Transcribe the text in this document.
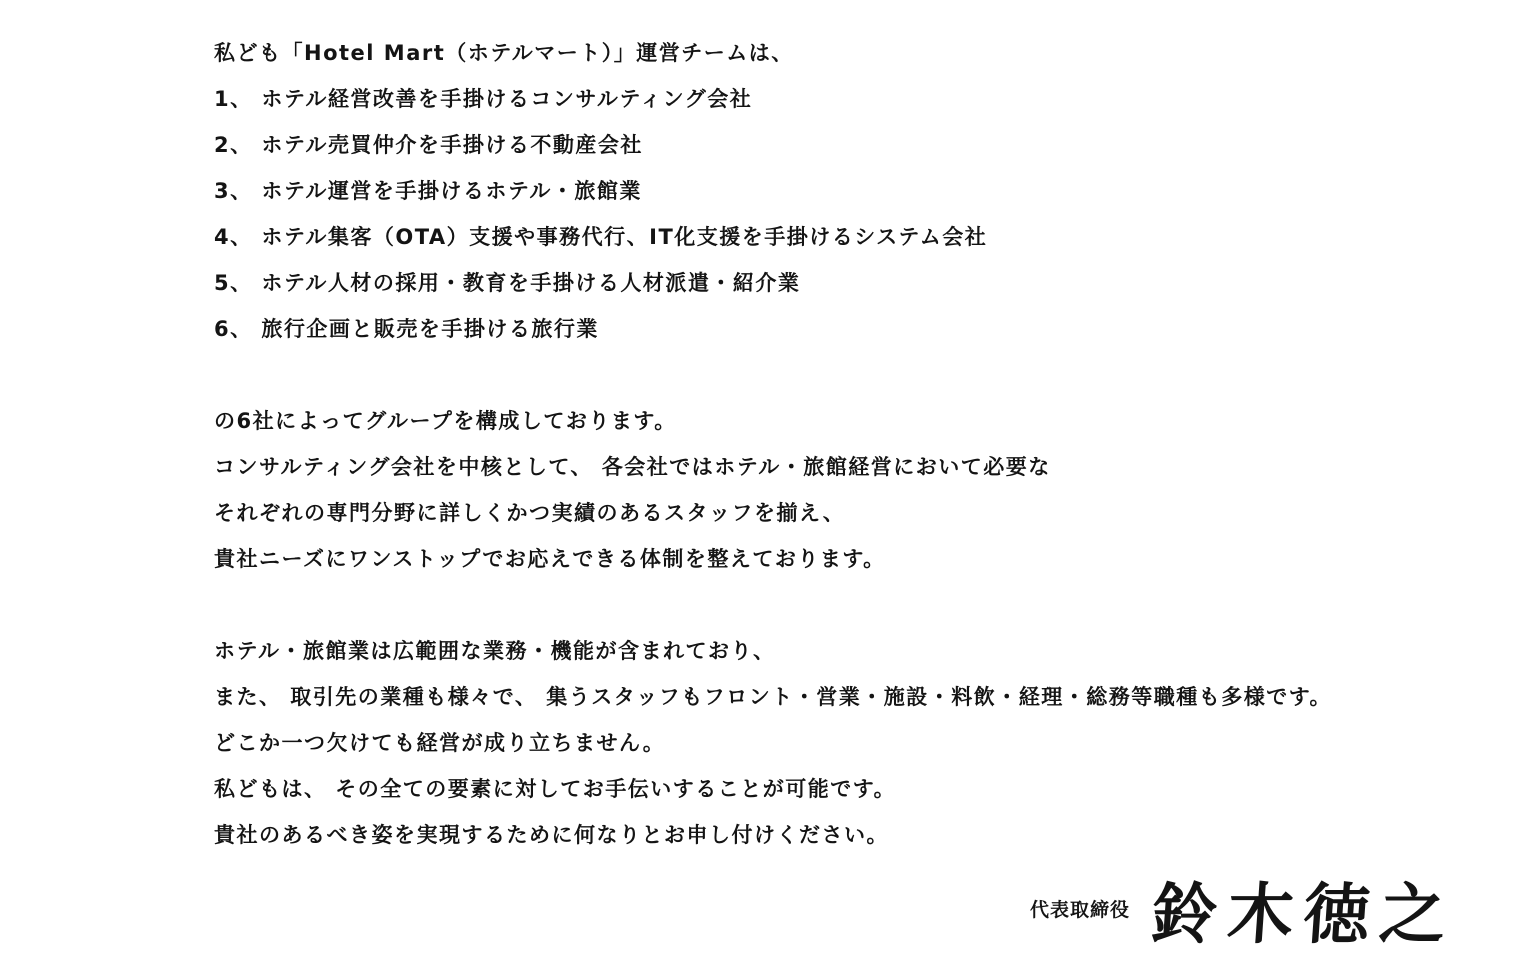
私ども「Hotel Mart（ホテルマート）」運営チームは、
1、 ホテル経営改善を手掛けるコンサルティング会社
2、 ホテル売買仲介を手掛ける不動産会社
3、 ホテル運営を手掛けるホテル・旅館業
4、 ホテル集客（OTA）支援や事務代行、IT化支援を手掛けるシステム会社
5、 ホテル人材の採用・教育を手掛ける人材派遣・紹介業
6、 旅行企画と販売を手掛ける旅行業
の6社によってグループを構成しております。
コンサルティング会社を中核として、 各会社ではホテル・旅館経営において必要な
それぞれの専門分野に詳しくかつ実績のあるスタッフを揃え、
貴社ニーズにワンストップでお応えできる体制を整えております。
ホテル・旅館業は広範囲な業務・機能が含まれており、
また、 取引先の業種も様々で、 集うスタッフもフロント・営業・施設・料飲・経理・総務等職種も多様です。
どこか一つ欠けても経営が成り立ちません。
私どもは、 その全ての要素に対してお手伝いすることが可能です。
貴社のあるべき姿を実現するために何なりとお申し付けください。
代表取締役 鈴木徳之
